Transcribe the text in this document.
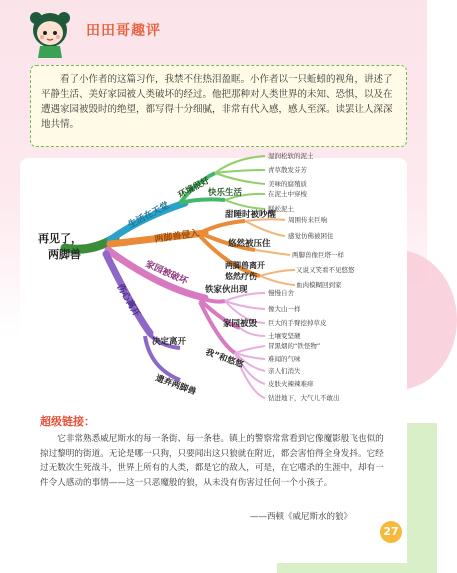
田田哥趣评

看了小作者的这篇习作，我禁不住热泪盈眶。小作者以一只蚯蚓的视角，讲述了平静生活、美好家园被人类破坏的经过。他把那种对人类世界的未知、恐惧，以及在遭遇家园被毁时的绝望，都写得十分细腻，非常有代入感，感人至深。读罢让人深深地共情。

再见了，
两脚兽
生活在天堂
环境很好
快乐生活
湿润松软的泥土
青草散发芬芳
美味的腐殖质
在泥土中穿梭
疑松泥土
两脚兽侵入
甜睡时被吵醒
悠然被压住
两脚兽离开
悠然疗伤
周围传来巨响
感觉仿佛被困住
两脚兽像巨塔一样
又说又笑看不见悠悠
血肉模糊回到家
家园被破坏
铁家伙出现
家园被毁
我”和悠悠
慢慢自舍
像大山一样
巨大的手臂挖掉草皮
土壤变坚硬
冒黑烟的“铁怪物”
难闻的气味
亲人们消失
皮肤火辣辣难痒
钻进地下，大气儿不敢出
伤心离开
决定离开
遗弃两脚兽
超级链接：

它非常熟悉威尼斯水的每一条街、每一条巷。镇上的警察常常看到它像魔影般飞也似的掠过黎明的街道。无论是哪一只狗，只要闻出这只狼就在附近，都会害怕得全身发抖。它经过无数次生死战斗，世界上所有的人类，都是它的敌人，可是，在它嗜杀的生涯中，却有一件令人感动的事情——这一只恶魔般的狼，从未没有伤害过任何一个小孩子。

——西顿《威尼斯水的狼》
27
